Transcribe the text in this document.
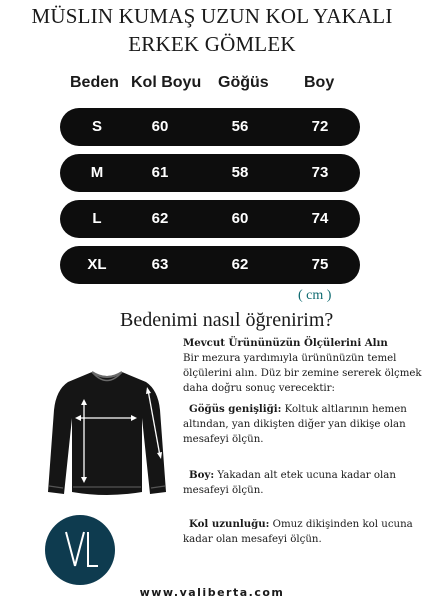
MÜSLIN KUMAŞ UZUN KOL YAKALI
ERKEK GÖMLEK
Beden Kol Boyu Göğüs Boy
S	60	56	72
M	61	58	73
L	62	60	74
XL	63	62	75
( cm )
Bedenimi nasıl öğrenirim?
Mevcut Ürününüzün Ölçülerini Alın
Bir mezura yardımıyla ürününüzün temel ölçülerini alın. Düz bir zemine sererek ölçmek daha doğru sonuç verecektir:
Göğüs genişliği: Koltuk altlarının hemen altından, yan dikişten diğer yan dikişe olan mesafeyi ölçün.
Boy: Yakadan alt etek ucuna kadar olan mesafeyi ölçün.
Kol uzunluğu: Omuz dikişinden kol ucuna kadar olan mesafeyi ölçün.
VL
www.valiberta.com
